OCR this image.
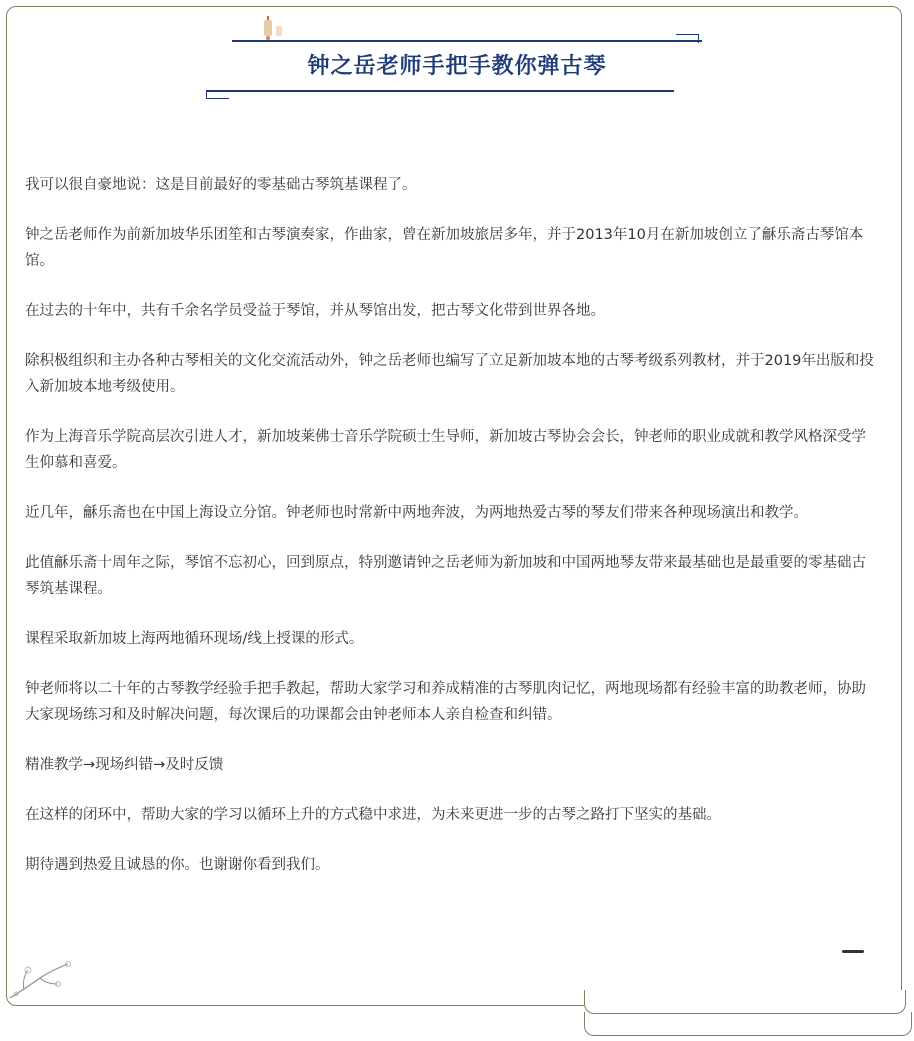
钟之岳老师手把手教你弹古琴

我可以很自豪地说：这是目前最好的零基础古琴筑基课程了。

钟之岳老师作为前新加坡华乐团笙和古琴演奏家，作曲家，曾在新加坡旅居多年，并于2013年10月在新加坡创立了龢乐斋古琴馆本馆。

在过去的十年中，共有千余名学员受益于琴馆，并从琴馆出发，把古琴文化带到世界各地。

除积极组织和主办各种古琴相关的文化交流活动外，钟之岳老师也编写了立足新加坡本地的古琴考级系列教材，并于2019年出版和投入新加坡本地考级使用。

作为上海音乐学院高层次引进人才，新加坡莱佛士音乐学院硕士生导师，新加坡古琴协会会长，钟老师的职业成就和教学风格深受学生仰慕和喜爱。

近几年，龢乐斋也在中国上海设立分馆。钟老师也时常新中两地奔波，为两地热爱古琴的琴友们带来各种现场演出和教学。

此值龢乐斋十周年之际，琴馆不忘初心，回到原点，特别邀请钟之岳老师为新加坡和中国两地琴友带来最基础也是最重要的零基础古琴筑基课程。

课程采取新加坡上海两地循环现场/线上授课的形式。

钟老师将以二十年的古琴教学经验手把手教起，帮助大家学习和养成精准的古琴肌肉记忆，两地现场都有经验丰富的助教老师，协助大家现场练习和及时解决问题，每次课后的功课都会由钟老师本人亲自检查和纠错。

精准教学→现场纠错→及时反馈

在这样的闭环中，帮助大家的学习以循环上升的方式稳中求进，为未来更进一步的古琴之路打下坚实的基础。

期待遇到热爱且诚恳的你。也谢谢你看到我们。
